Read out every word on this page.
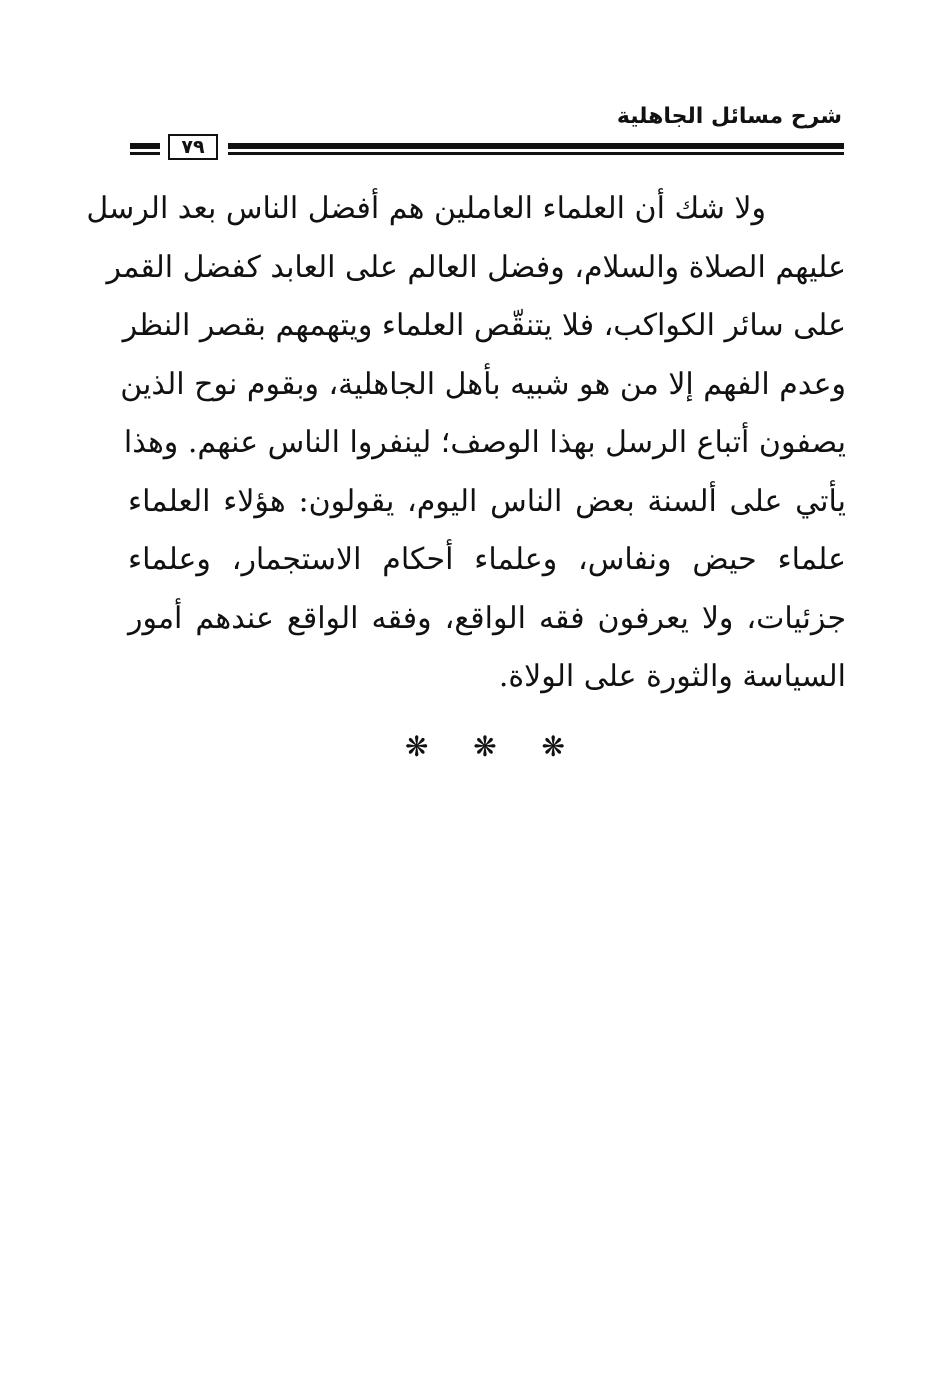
شرح مسائل الجاهلية
٧٩
ولا شك أن العلماء العاملين هم أفضل الناس بعد الرسل
عليهم الصلاة والسلام، وفضل العالم على العابد كفضل القمر
على سائر الكواكب، فلا يتنقّص العلماء ويتهمهم بقصر النظر
وعدم الفهم إلا من هو شبيه بأهل الجاهلية، وبقوم نوح الذين
يصفون أتباع الرسل بهذا الوصف؛ لينفروا الناس عنهم. وهذا
يأتي على ألسنة بعض الناس اليوم، يقولون: هؤلاء العلماء
علماء حيض ونفاس، وعلماء أحكام الاستجمار، وعلماء
جزئيات، ولا يعرفون فقه الواقع، وفقه الواقع عندهم أمور
السياسة والثورة على الولاة.
❋ ❋ ❋
